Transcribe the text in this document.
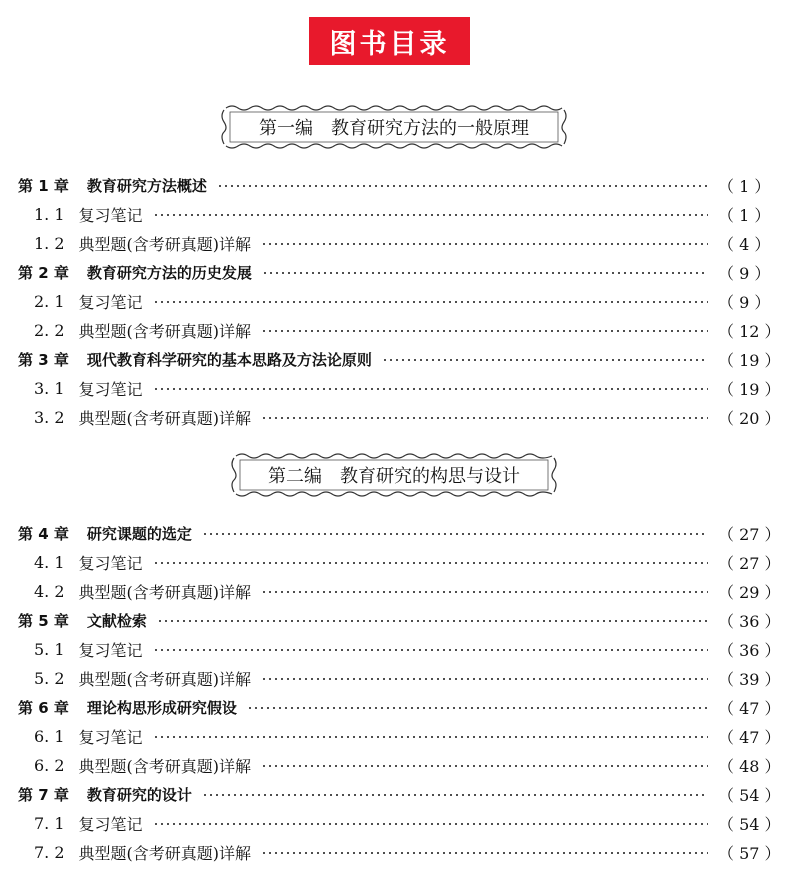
图书目录
第一编　教育研究方法的一般原理
第 1 章 教育研究方法概述	（ 1 ）
1. 1 复习笔记	（ 1 ）
1. 2 典型题(含考研真题)详解	（ 4 ）
第 2 章 教育研究方法的历史发展	（ 9 ）
2. 1 复习笔记	（ 9 ）
2. 2 典型题(含考研真题)详解	（ 12 ）
第 3 章 现代教育科学研究的基本思路及方法论原则	（ 19 ）
3. 1 复习笔记	（ 19 ）
3. 2 典型题(含考研真题)详解	（ 20 ）
第二编　教育研究的构思与设计
第 4 章 研究课题的选定	（ 27 ）
4. 1 复习笔记	（ 27 ）
4. 2 典型题(含考研真题)详解	（ 29 ）
第 5 章 文献检索	（ 36 ）
5. 1 复习笔记	（ 36 ）
5. 2 典型题(含考研真题)详解	（ 39 ）
第 6 章 理论构思形成研究假设	（ 47 ）
6. 1 复习笔记	（ 47 ）
6. 2 典型题(含考研真题)详解	（ 48 ）
第 7 章 教育研究的设计	（ 54 ）
7. 1 复习笔记	（ 54 ）
7. 2 典型题(含考研真题)详解	（ 57 ）
